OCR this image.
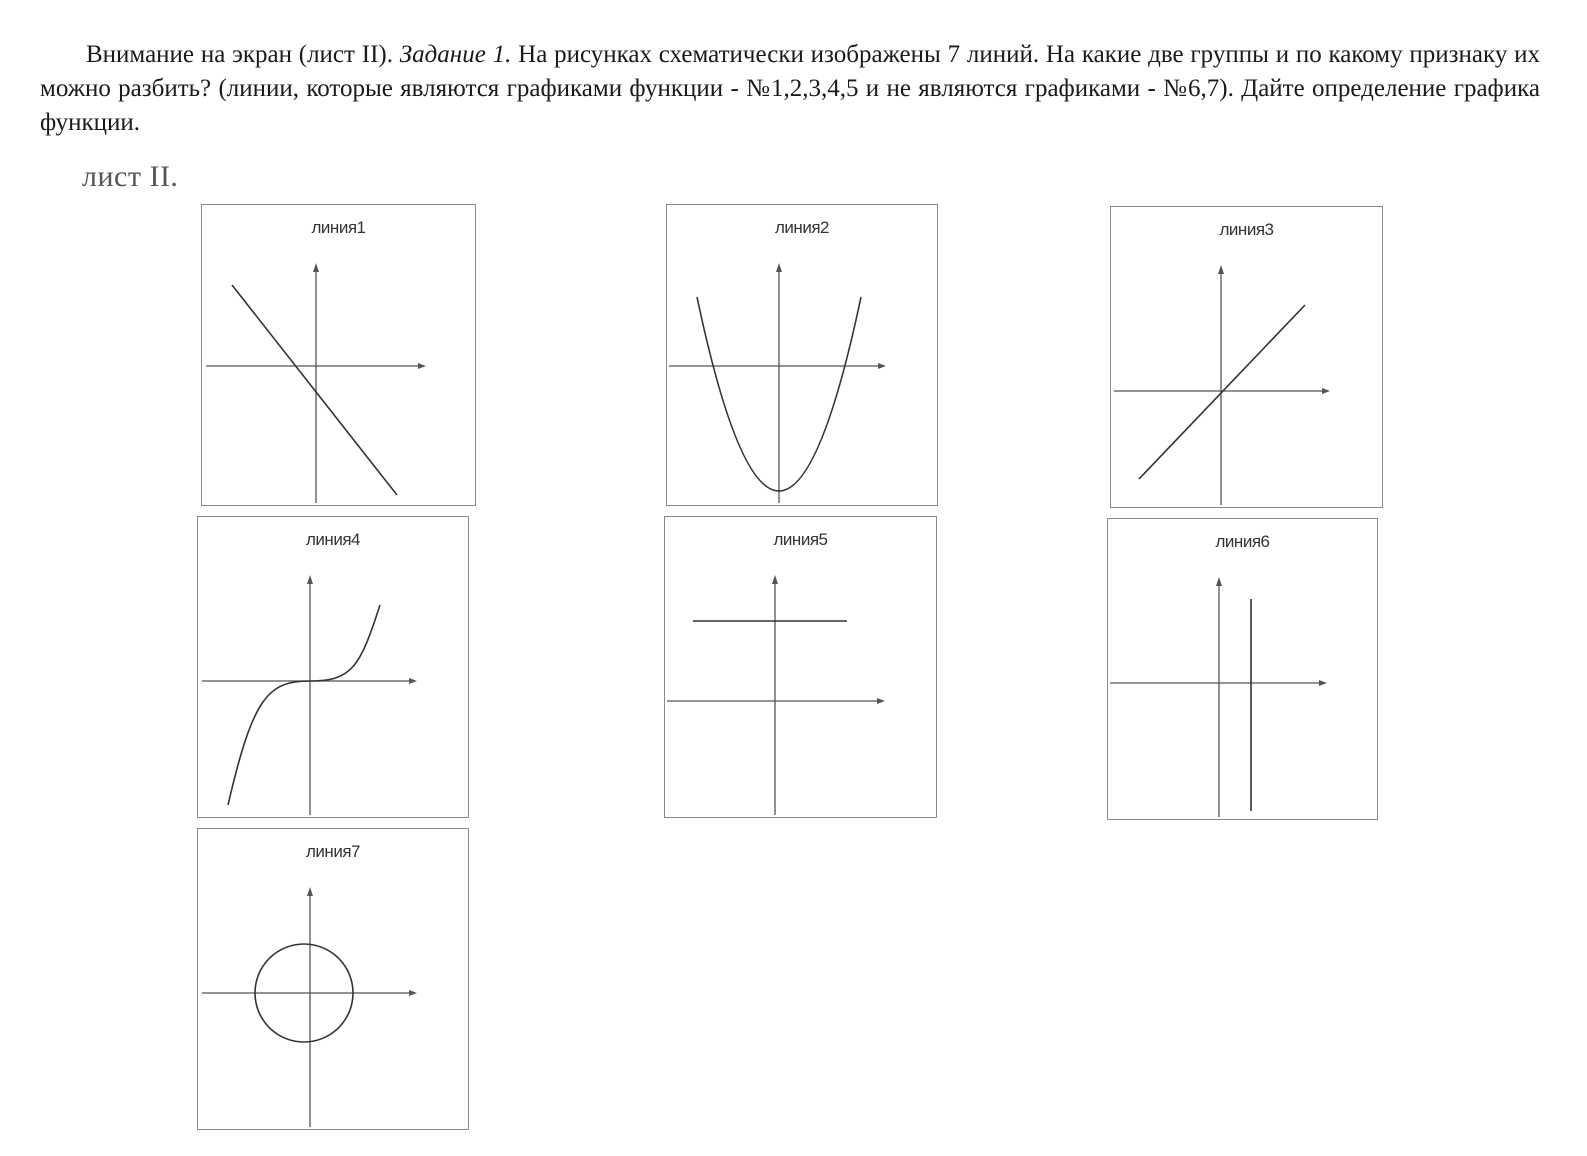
Внимание на экран (лист II). Задание 1. На рисунках схематически изображены 7 линий. На какие две группы и по какому признаку их можно разбить? (линии, которые являются графиками функции - №1,2,3,4,5 и не являются графиками - №6,7). Дайте определение графика функции.

лист II.
линия1	линия2	линия3
линия4	линия5	линия6
линия7
